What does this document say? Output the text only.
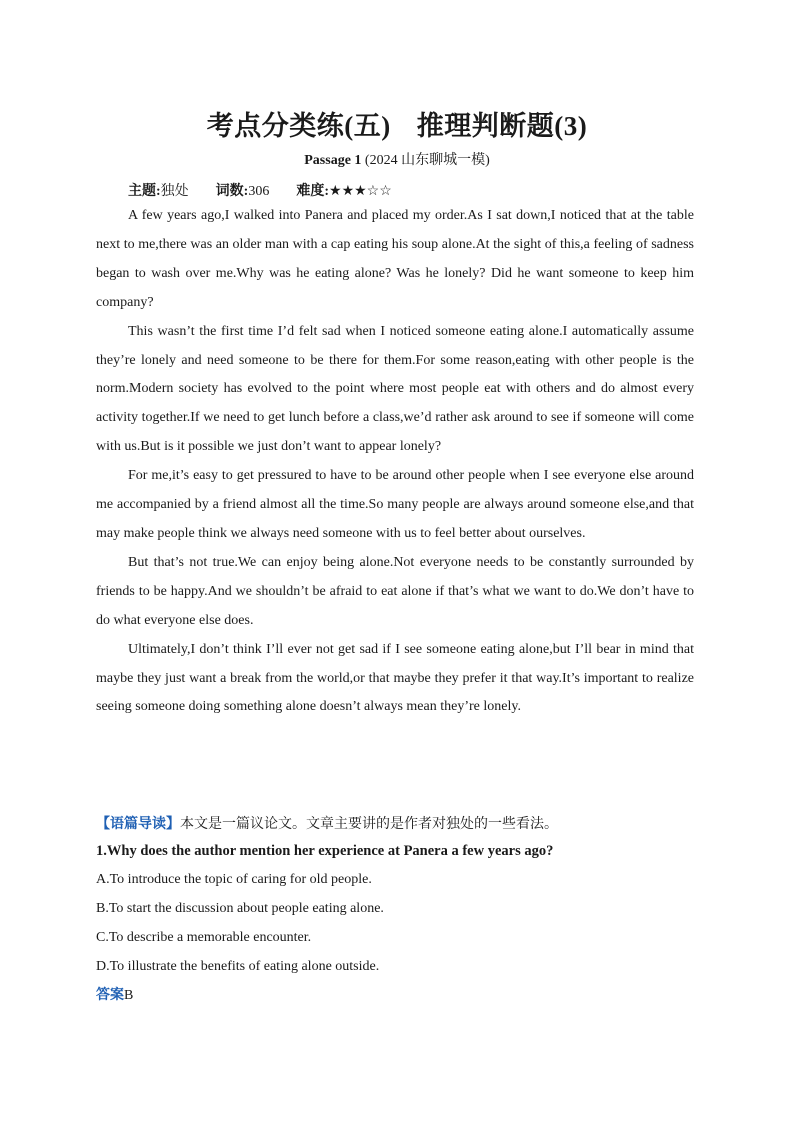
考点分类练(五) 推理判断题(3)
Passage 1 (2024 山东聊城一模)
主题:独处 词数:306 难度:★★★☆☆

A few years ago,I walked into Panera and placed my order.As I sat down,I noticed that at the table next to me,there was an older man with a cap eating his soup alone.At the sight of this,a feeling of sadness began to wash over me.Why was he eating alone? Was he lonely? Did he want someone to keep him company?

This wasn’t the first time I’d felt sad when I noticed someone eating alone.I automatically assume they’re lonely and need someone to be there for them.For some reason,eating with other people is the norm.Modern society has evolved to the point where most people eat with others and do almost every activity together.If we need to get lunch before a class,we’d rather ask around to see if someone will come with us.But is it possible we just don’t want to appear lonely?

For me,it’s easy to get pressured to have to be around other people when I see everyone else around me accompanied by a friend almost all the time.So many people are always around someone else,and that may make people think we always need someone with us to feel better about ourselves.

But that’s not true.We can enjoy being alone.Not everyone needs to be constantly surrounded by friends to be happy.And we shouldn’t be afraid to eat alone if that’s what we want to do.We don’t have to do what everyone else does.

Ultimately,I don’t think I’ll ever not get sad if I see someone eating alone,but I’ll bear in mind that maybe they just want a break from the world,or that maybe they prefer it that way.It’s important to realize seeing someone doing something alone doesn’t always mean they’re lonely.

【语篇导读】本文是一篇议论文。文章主要讲的是作者对独处的一些看法。
1.Why does the author mention her experience at Panera a few years ago?
A.To introduce the topic of caring for old people.
B.To start the discussion about people eating alone.
C.To describe a memorable encounter.
D.To illustrate the benefits of eating alone outside.
答案B
